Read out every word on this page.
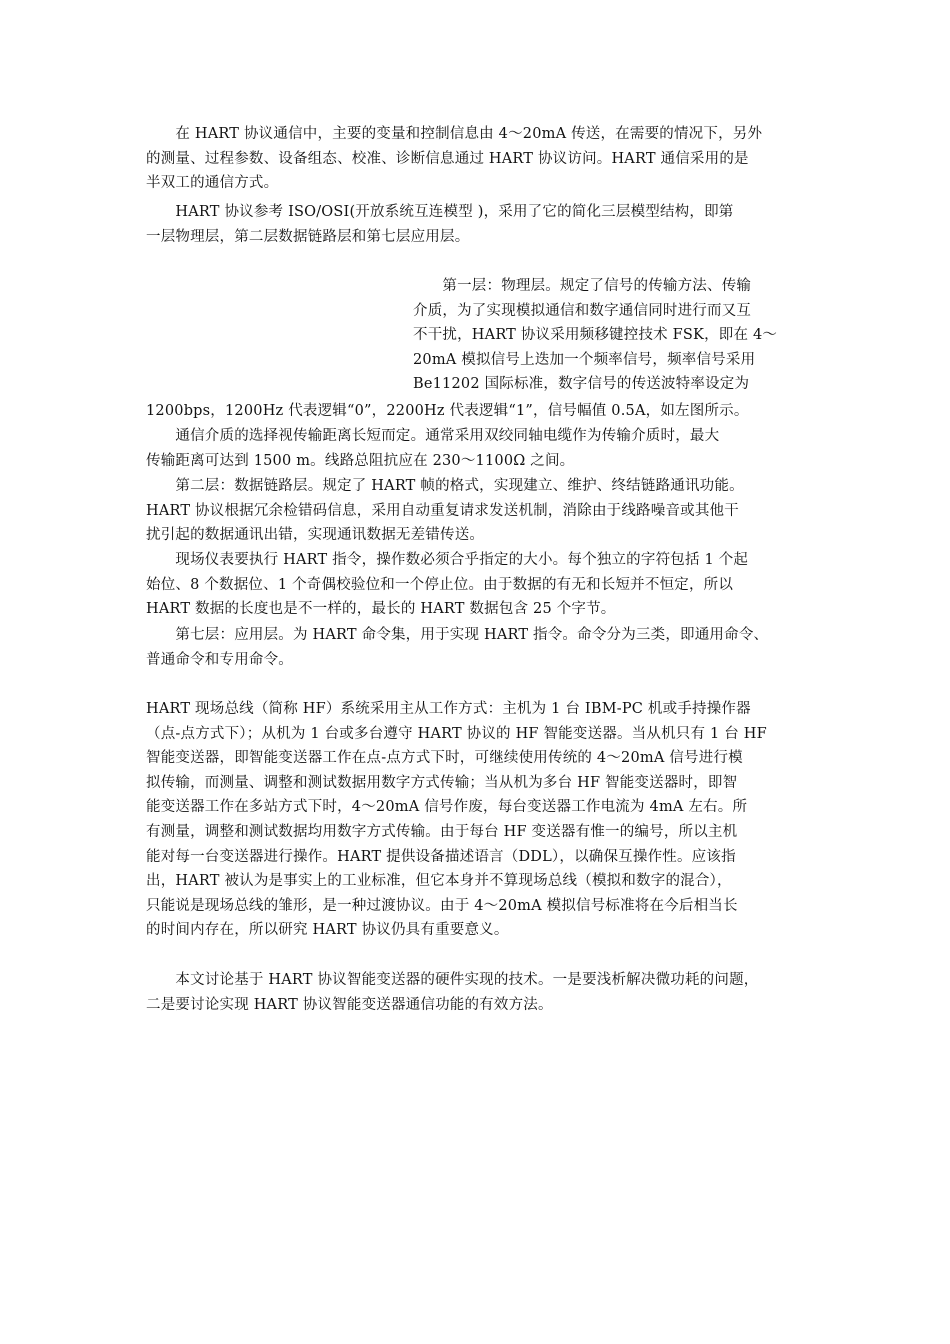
　　在 HART 协议通信中，主要的变量和控制信息由 4～20mA 传送，在需要的情况下，另外
的测量、过程参数、设备组态、校准、诊断信息通过 HART 协议访问。HART 通信采用的是
半双工的通信方式。
　　HART 协议参考 ISO/OSI(开放系统互连模型 )，采用了它的简化三层模型结构，即第
一层物理层，第二层数据链路层和第七层应用层。
　　第一层：物理层。规定了信号的传输方法、传输
介质，为了实现模拟通信和数字通信同时进行而又互
不干扰，HART 协议采用频移键控技术 FSK，即在 4～
20mA 模拟信号上迭加一个频率信号，频率信号采用
Be11202 国际标准，数字信号的传送波特率设定为
1200bps，1200Hz 代表逻辑“0”，2200Hz 代表逻辑“1”，信号幅值 0.5A，如左图所示。
　　通信介质的选择视传输距离长短而定。通常采用双绞同轴电缆作为传输介质时，最大
传输距离可达到 1500 m。线路总阻抗应在 230～1100Ω 之间。
　　第二层：数据链路层。规定了 HART 帧的格式，实现建立、维护、终结链路通讯功能。
HART 协议根据冗余检错码信息，采用自动重复请求发送机制，消除由于线路噪音或其他干
扰引起的数据通讯出错，实现通讯数据无差错传送。
　　现场仪表要执行 HART 指令，操作数必须合乎指定的大小。每个独立的字符包括 1 个起
始位、8 个数据位、1 个奇偶校验位和一个停止位。由于数据的有无和长短并不恒定，所以
HART 数据的长度也是不一样的，最长的 HART 数据包含 25 个字节。
　　第七层：应用层。为 HART 命令集，用于实现 HART 指令。命令分为三类，即通用命令、
普通命令和专用命令。
HART 现场总线（简称 HF）系统采用主从工作方式：主机为 1 台 IBM-PC 机或手持操作器
（点-点方式下）；从机为 1 台或多台遵守 HART 协议的 HF 智能变送器。当从机只有 1 台 HF
智能变送器，即智能变送器工作在点-点方式下时，可继续使用传统的 4～20mA 信号进行模
拟传输，而测量、调整和测试数据用数字方式传输；当从机为多台 HF 智能变送器时，即智
能变送器工作在多站方式下时，4～20mA 信号作废，每台变送器工作电流为 4mA 左右。所
有测量，调整和测试数据均用数字方式传输。由于每台 HF 变送器有惟一的编号，所以主机
能对每一台变送器进行操作。HART 提供设备描述语言（DDL），以确保互操作性。应该指
出，HART 被认为是事实上的工业标准，但它本身并不算现场总线（模拟和数字的混合），
只能说是现场总线的雏形，是一种过渡协议。由于 4～20mA 模拟信号标准将在今后相当长
的时间内存在，所以研究 HART 协议仍具有重要意义。
　　本文讨论基于 HART 协议智能变送器的硬件实现的技术。一是要浅析解决微功耗的问题，
二是要讨论实现 HART 协议智能变送器通信功能的有效方法。
